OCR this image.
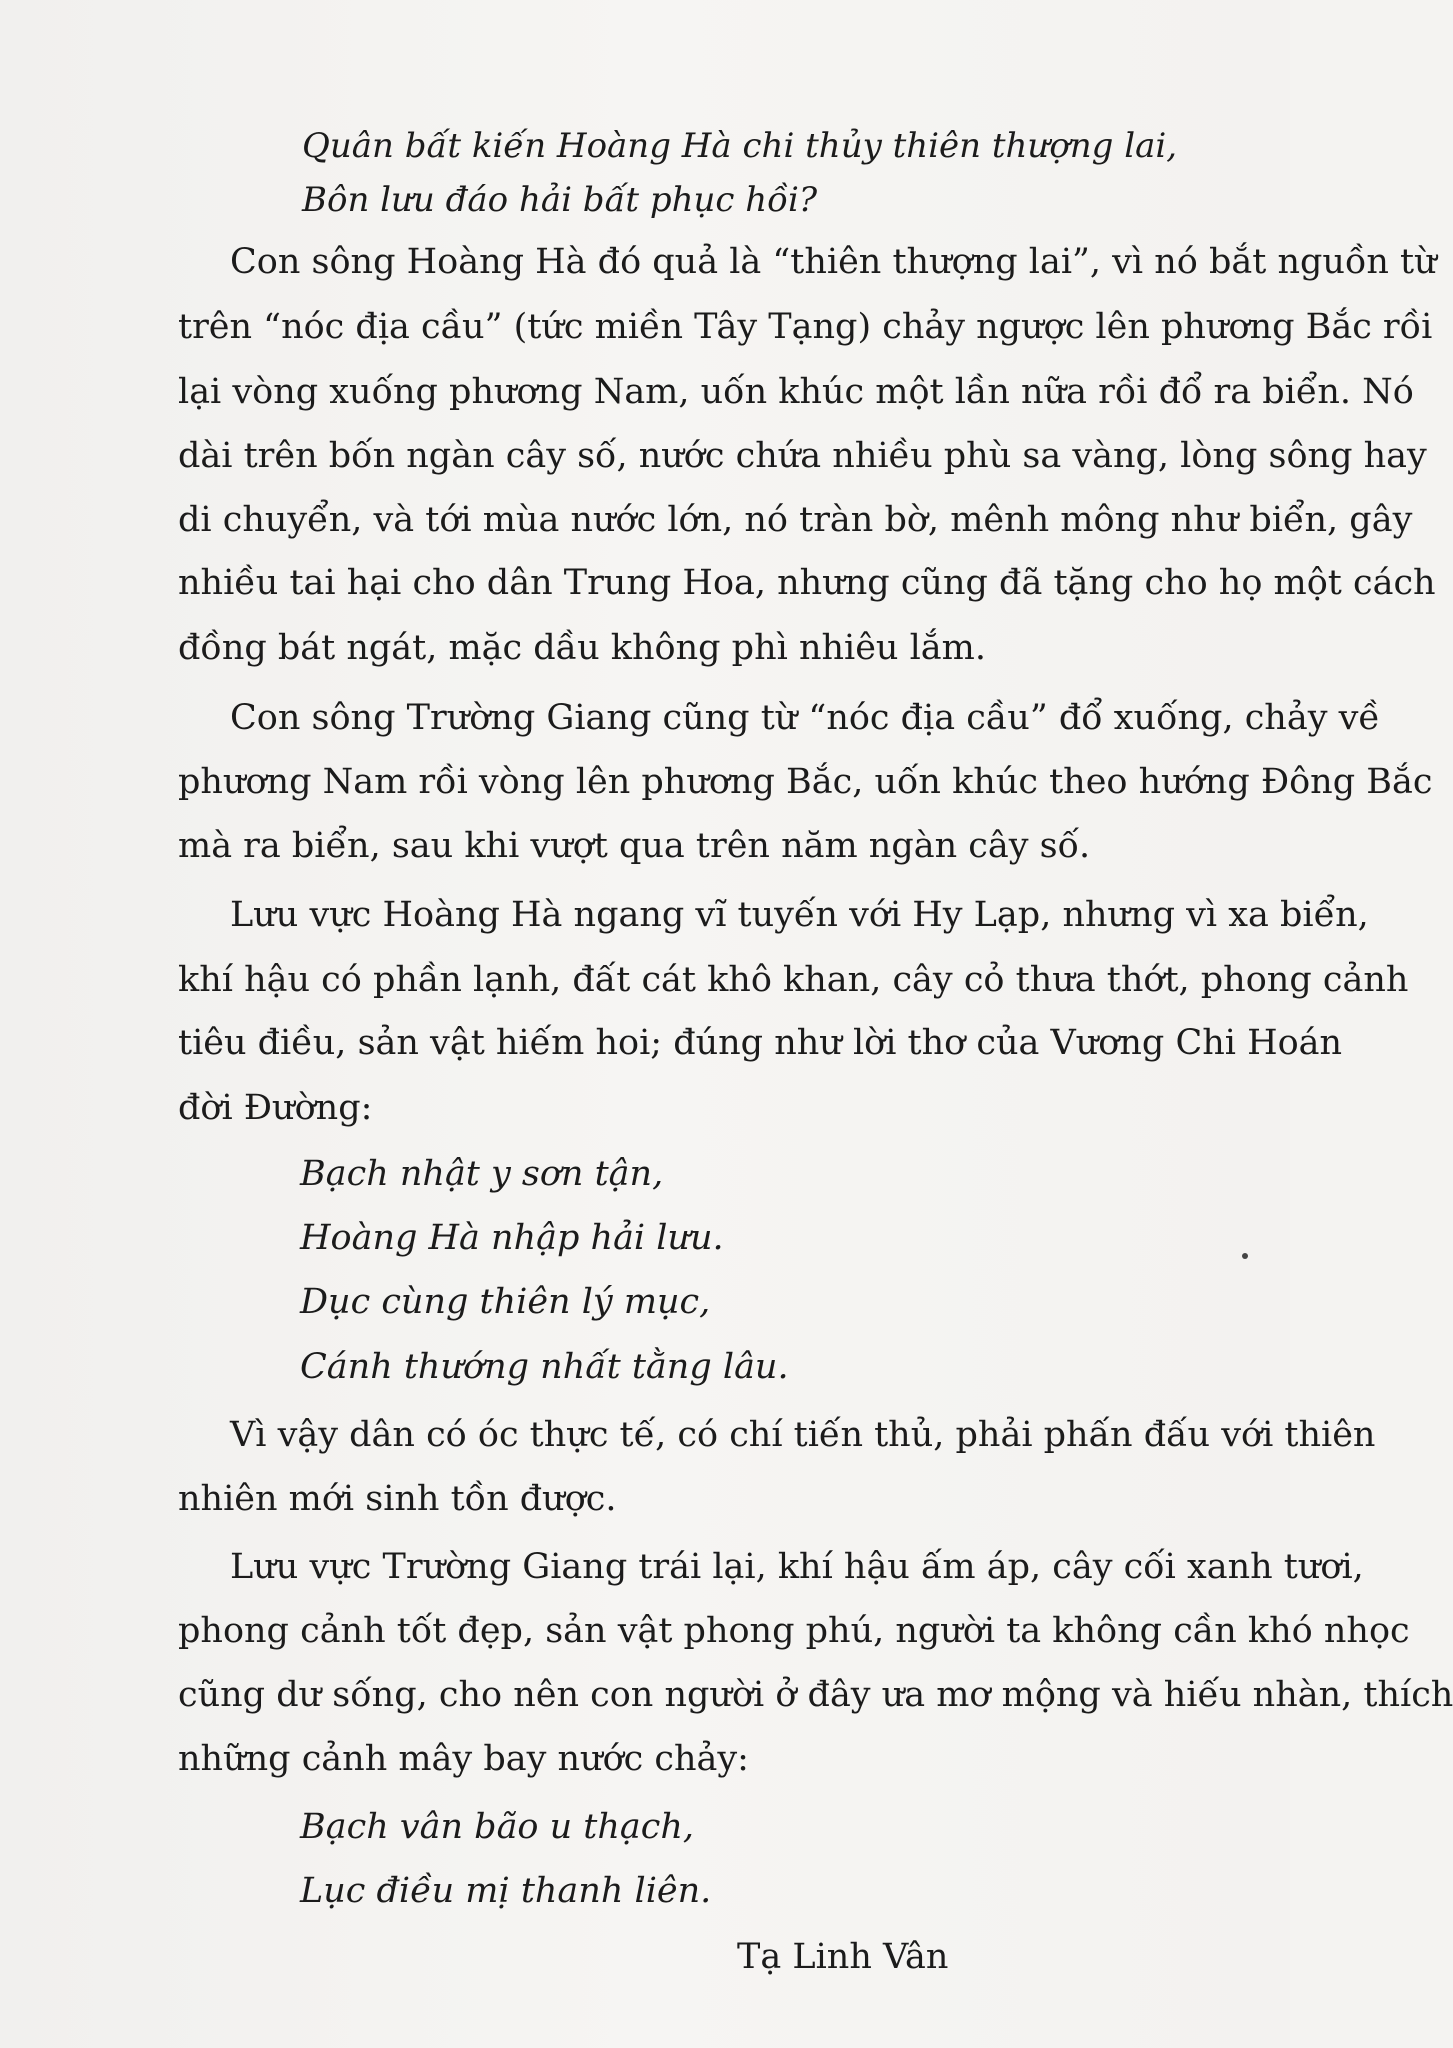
Quân bất kiến Hoàng Hà chi thủy thiên thượng lai,
Bôn lưu đáo hải bất phục hồi?
Con sông Hoàng Hà đó quả là “thiên thượng lai”, vì nó bắt nguồn từ
trên “nóc địa cầu” (tức miền Tây Tạng) chảy ngược lên phương Bắc rồi
lại vòng xuống phương Nam, uốn khúc một lần nữa rồi đổ ra biển. Nó
dài trên bốn ngàn cây số, nước chứa nhiều phù sa vàng, lòng sông hay
di chuyển, và tới mùa nước lớn, nó tràn bờ, mênh mông như biển, gây
nhiều tai hại cho dân Trung Hoa, nhưng cũng đã tặng cho họ một cách
đồng bát ngát, mặc dầu không phì nhiêu lắm.
Con sông Trường Giang cũng từ “nóc địa cầu” đổ xuống, chảy về
phương Nam rồi vòng lên phương Bắc, uốn khúc theo hướng Đông Bắc
mà ra biển, sau khi vượt qua trên năm ngàn cây số.
Lưu vực Hoàng Hà ngang vĩ tuyến với Hy Lạp, nhưng vì xa biển,
khí hậu có phần lạnh, đất cát khô khan, cây cỏ thưa thớt, phong cảnh
tiêu điều, sản vật hiếm hoi; đúng như lời thơ của Vương Chi Hoán
đời Đường:
Bạch nhật y sơn tận,
Hoàng Hà nhập hải lưu.
Dục cùng thiên lý mục,
Cánh thướng nhất tằng lâu.
Vì vậy dân có óc thực tế, có chí tiến thủ, phải phấn đấu với thiên
nhiên mới sinh tồn được.
Lưu vực Trường Giang trái lại, khí hậu ấm áp, cây cối xanh tươi,
phong cảnh tốt đẹp, sản vật phong phú, người ta không cần khó nhọc
cũng dư sống, cho nên con người ở đây ưa mơ mộng và hiếu nhàn, thích
những cảnh mây bay nước chảy:
Bạch vân bão u thạch,
Lục điều mị thanh liên.
Tạ Linh Vân
